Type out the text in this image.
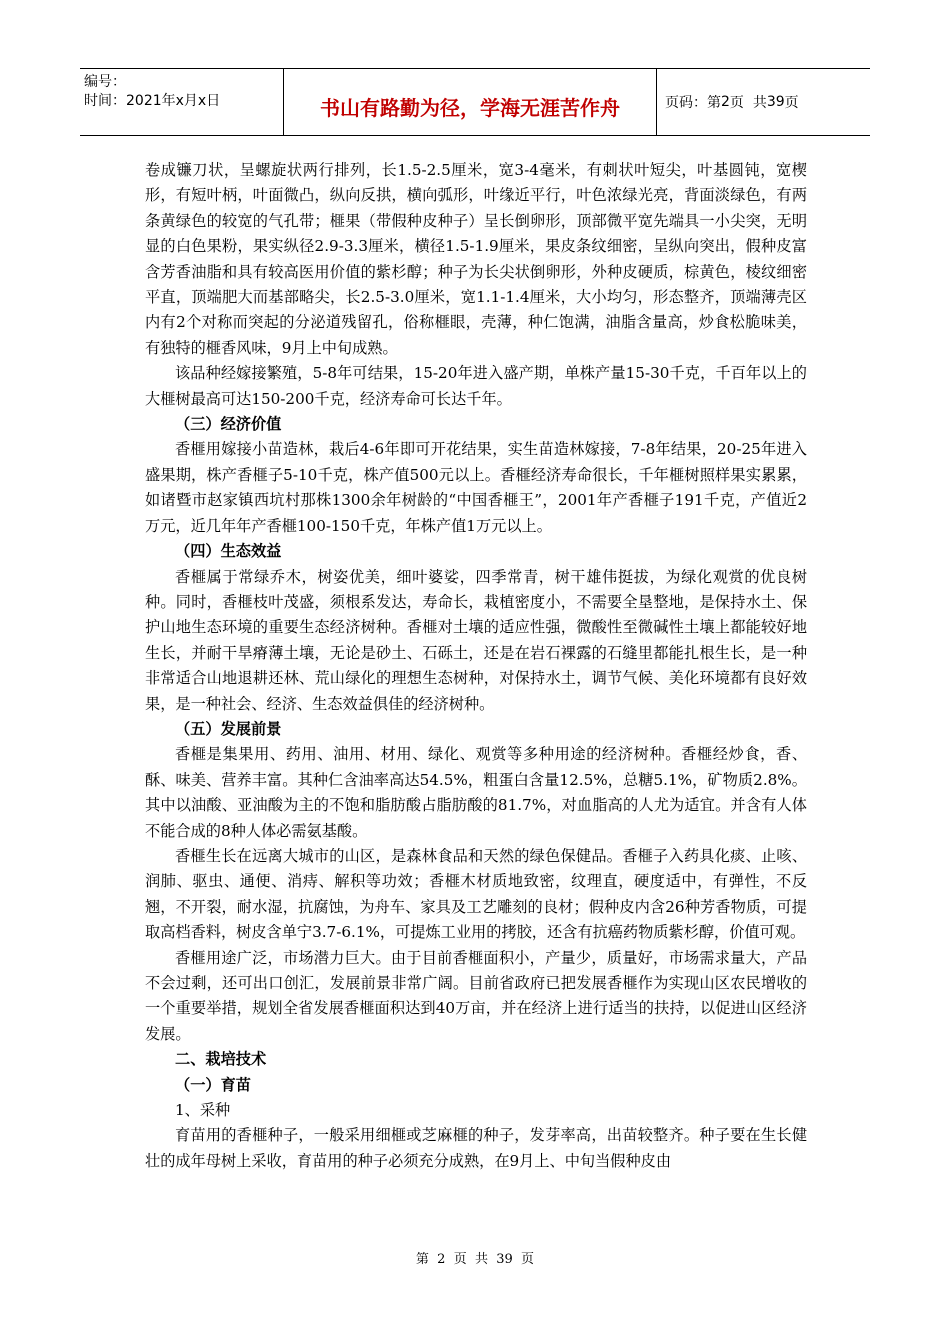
编号：
时间：2021年x月x日	书山有路勤为径，学海无涯苦作舟	页码：第 2 页  共 39 页

卷成镰刀状，呈螺旋状两行排列，长1.5-2.5厘米，宽3-4毫米，有刺状叶短尖，叶基圆钝，宽楔形，有短叶柄，叶面微凸，纵向反拱，横向弧形，叶缘近平行，叶色浓绿光亮，背面淡绿色，有两条黄绿色的较宽的气孔带；榧果（带假种皮种子）呈长倒卵形，顶部微平宽先端具一小尖突，无明显的白色果粉，果实纵径2.9-3.3厘米，横径1.5-1.9厘米，果皮条纹细密，呈纵向突出，假种皮富含芳香油脂和具有较高医用价值的紫杉醇；种子为长尖状倒卵形，外种皮硬质，棕黄色，棱纹细密平直，顶端肥大而基部略尖，长2.5-3.0厘米，宽1.1-1.4厘米，大小均匀，形态整齐，顶端薄壳区内有2个对称而突起的分泌道残留孔，俗称榧眼，壳薄，种仁饱满，油脂含量高，炒食松脆味美，有独特的榧香风味，9月上中旬成熟。

该品种经嫁接繁殖，5-8年可结果，15-20年进入盛产期，单株产量15-30千克，千百年以上的大榧树最高可达150-200千克，经济寿命可长达千年。

（三）经济价值

香榧用嫁接小苗造林，栽后4-6年即可开花结果，实生苗造林嫁接，7-8年结果，20-25年进入盛果期，株产香榧子5-10千克，株产值500元以上。香榧经济寿命很长，千年榧树照样果实累累，如诸暨市赵家镇西坑村那株1300余年树龄的“中国香榧王”，2001年产香榧子191千克，产值近2万元，近几年年产香榧100-150千克，年株产值1万元以上。

（四）生态效益

香榧属于常绿乔木，树姿优美，细叶婆娑，四季常青，树干雄伟挺拔，为绿化观赏的优良树种。同时，香榧枝叶茂盛，须根系发达，寿命长，栽植密度小，不需要全垦整地，是保持水土、保护山地生态环境的重要生态经济树种。香榧对土壤的适应性强，微酸性至微碱性土壤上都能较好地生长，并耐干旱瘠薄土壤，无论是砂土、石砾土，还是在岩石裸露的石缝里都能扎根生长，是一种非常适合山地退耕还林、荒山绿化的理想生态树种，对保持水土，调节气候、美化环境都有良好效果，是一种社会、经济、生态效益俱佳的经济树种。

（五）发展前景

香榧是集果用、药用、油用、材用、绿化、观赏等多种用途的经济树种。香榧经炒食，香、酥、味美、营养丰富。其种仁含油率高达54.5%，粗蛋白含量12.5%，总糖5.1%，矿物质2.8%。其中以油酸、亚油酸为主的不饱和脂肪酸占脂肪酸的81.7%，对血脂高的人尤为适宜。并含有人体不能合成的8种人体必需氨基酸。

香榧生长在远离大城市的山区，是森林食品和天然的绿色保健品。香榧子入药具化痰、止咳、润肺、驱虫、通便、消痔、解积等功效；香榧木材质地致密，纹理直，硬度适中，有弹性，不反翘，不开裂，耐水湿，抗腐蚀，为舟车、家具及工艺雕刻的良材；假种皮内含26种芳香物质，可提取高档香料，树皮含单宁3.7-6.1%，可提炼工业用的拷胶，还含有抗癌药物质紫杉醇，价值可观。

香榧用途广泛，市场潜力巨大。由于目前香榧面积小，产量少，质量好，市场需求量大，产品不会过剩，还可出口创汇，发展前景非常广阔。目前省政府已把发展香榧作为实现山区农民增收的一个重要举措，规划全省发展香榧面积达到40万亩，并在经济上进行适当的扶持，以促进山区经济发展。

二、栽培技术
（一）育苗

1、采种

育苗用的香榧种子，一般采用细榧或芝麻榧的种子，发芽率高，出苗较整齐。种子要在生长健壮的成年母树上采收，育苗用的种子必须充分成熟，在9月上、中旬当假种皮由

第  2  页  共  39  页
